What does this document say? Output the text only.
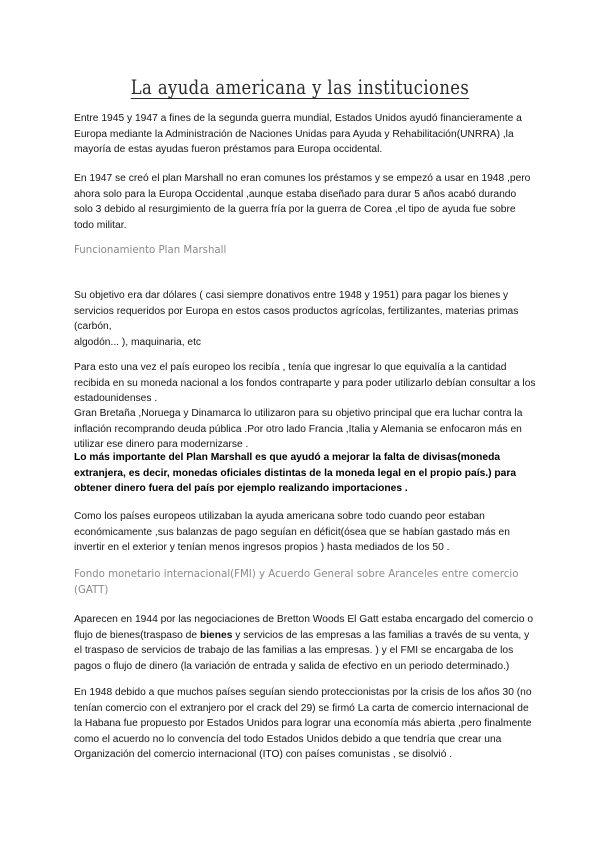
La ayuda americana y las instituciones

Entre 1945 y 1947 a fines de la segunda guerra mundial, Estados Unidos ayudó financieramente a Europa mediante la Administración de Naciones Unidas para Ayuda y Rehabilitación(UNRRA) ,la mayoría de estas ayudas fueron préstamos para Europa occidental.

En 1947 se creó el plan Marshall no eran comunes los préstamos y se empezó a usar en 1948 ,pero ahora solo para la Europa Occidental ,aunque estaba diseñado para durar 5 años acabó durando solo 3 debido al resurgimiento de la guerra fría por la guerra de Corea ,el tipo de ayuda fue sobre todo militar.

Funcionamiento Plan Marshall

Su objetivo era dar dólares ( casi siempre donativos entre 1948 y 1951) para pagar los bienes y servicios requeridos por Europa en estos casos productos agrícolas, fertilizantes, materias primas (carbón,

algodón... ), maquinaria, etc

Para esto una vez el país europeo los recibía , tenía que ingresar lo que equivalía a la cantidad recibida en su moneda nacional a los fondos contraparte y para poder utilizarlo debían consultar a los estadounidenses .

Gran Bretaña ,Noruega y Dinamarca lo utilizaron para su objetivo principal que era luchar contra la inflación recomprando deuda pública .Por otro lado Francia ,Italia y Alemania se enfocaron más en utilizar ese dinero para modernizarse .

Lo más importante del Plan Marshall es que ayudó a mejorar la falta de divisas(moneda extranjera, es decir, monedas oficiales distintas de la moneda legal en el propio país.) para obtener dinero fuera del país por ejemplo realizando importaciones .

Como los países europeos utilizaban la ayuda americana sobre todo cuando peor estaban económicamente ,sus balanzas de pago seguían en déficit(ósea que se habían gastado más en invertir en el exterior y tenían menos ingresos propios ) hasta mediados de los 50 .

Fondo monetario internacional(FMI) y Acuerdo General sobre Aranceles entre comercio (GATT)

Aparecen en 1944 por las negociaciones de Bretton Woods El Gatt estaba encargado del comercio o flujo de bienes(traspaso de bienes y servicios de las empresas a las familias a través de su venta, y el traspaso de servicios de trabajo de las familias a las empresas. ) y el FMI se encargaba de los pagos o flujo de dinero (la variación de entrada y salida de efectivo en un periodo determinado.)

En 1948 debido a que muchos países seguían siendo proteccionistas por la crisis de los años 30 (no tenían comercio con el extranjero por el crack del 29) se firmó La carta de comercio internacional de la Habana fue propuesto por Estados Unidos para lograr una economía más abierta ,pero finalmente como el acuerdo no lo convencía del todo Estados Unidos debido a que tendría que crear una Organización del comercio internacional (ITO) con países comunistas , se disolvió .
